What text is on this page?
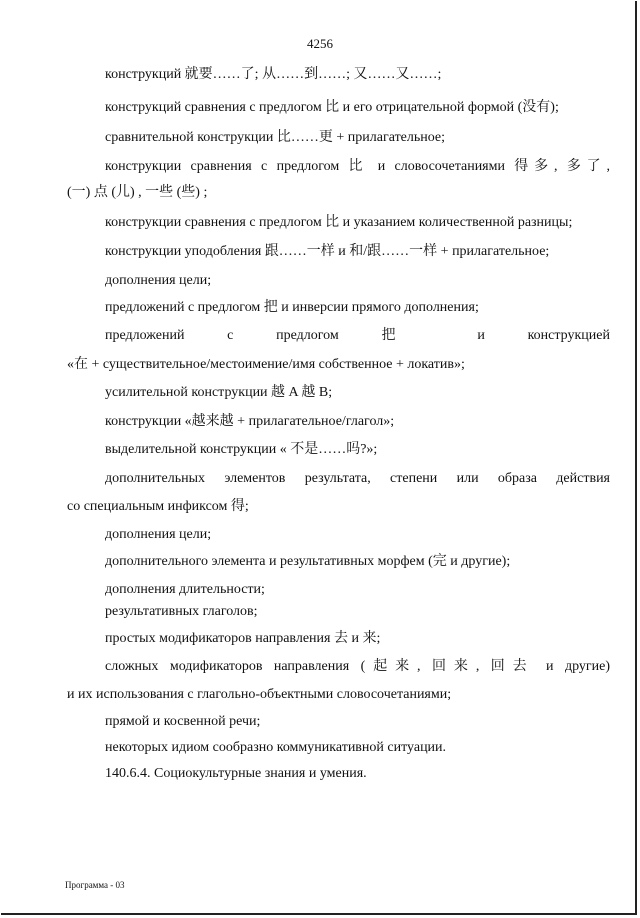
4256
конструкций 就要……了; 从……到……; 又……又……;
конструкций сравнения с предлогом 比 и его отрицательной формой (没有);
сравнительной конструкции 比……更 + прилагательное;
конструкции сравнения с предлогом 比 и словосочетаниями 得多, 多了,
(一) 点 (儿) , 一些 (些) ;
конструкции сравнения с предлогом 比 и указанием количественной разницы;
конструкции уподобления 跟……一样 и 和/跟……一样 + прилагательное;
дополнения цели;
предложений с предлогом 把 и инверсии прямого дополнения;
предложений с предлогом 把 и конструкцией
«在 + существительное/местоимение/имя собственное + локатив»;
усилительной конструкции 越 A 越 B;
конструкции «越来越 + прилагательное/глагол»;
выделительной конструкции « 不是……吗?»;
дополнительных элементов результата, степени или образа действия
со специальным инфиксом 得;
дополнения цели;
дополнительного элемента и результативных морфем (完 и другие);
дополнения длительности;
результативных глаголов;
простых модификаторов направления 去 и 来;
сложных модификаторов направления (起来, 回来, 回去 и другие)
и их использования с глагольно-объектными словосочетаниями;
прямой и косвенной речи;
некоторых идиом сообразно коммуникативной ситуации.
140.6.4. Социокультурные знания и умения.
Программа - 03
